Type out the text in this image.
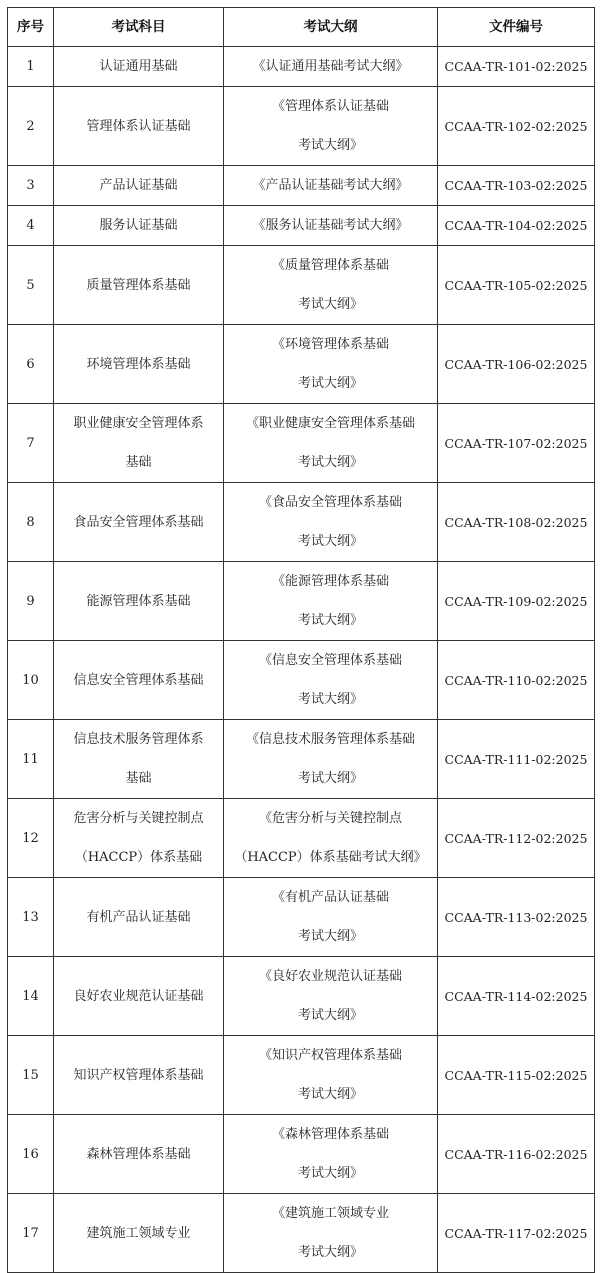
序号	考试科目	考试大纲	文件编号
1	认证通用基础	《认证通用基础考试大纲》	CCAA-TR-101-02:2025
2	管理体系认证基础	《管理体系认证基础
考试大纲》	CCAA-TR-102-02:2025
3	产品认证基础	《产品认证基础考试大纲》	CCAA-TR-103-02:2025
4	服务认证基础	《服务认证基础考试大纲》	CCAA-TR-104-02:2025
5	质量管理体系基础	《质量管理体系基础
考试大纲》	CCAA-TR-105-02:2025
6	环境管理体系基础	《环境管理体系基础
考试大纲》	CCAA-TR-106-02:2025
7	职业健康安全管理体系
基础	《职业健康安全管理体系基础
考试大纲》	CCAA-TR-107-02:2025
8	食品安全管理体系基础	《食品安全管理体系基础
考试大纲》	CCAA-TR-108-02:2025
9	能源管理体系基础	《能源管理体系基础
考试大纲》	CCAA-TR-109-02:2025
10	信息安全管理体系基础	《信息安全管理体系基础
考试大纲》	CCAA-TR-110-02:2025
11	信息技术服务管理体系
基础	《信息技术服务管理体系基础
考试大纲》	CCAA-TR-111-02:2025
12	危害分析与关键控制点
（HACCP）体系基础	《危害分析与关键控制点
（HACCP）体系基础考试大纲》	CCAA-TR-112-02:2025
13	有机产品认证基础	《有机产品认证基础
考试大纲》	CCAA-TR-113-02:2025
14	良好农业规范认证基础	《良好农业规范认证基础
考试大纲》	CCAA-TR-114-02:2025
15	知识产权管理体系基础	《知识产权管理体系基础
考试大纲》	CCAA-TR-115-02:2025
16	森林管理体系基础	《森林管理体系基础
考试大纲》	CCAA-TR-116-02:2025
17	建筑施工领域专业	《建筑施工领域专业
考试大纲》	CCAA-TR-117-02:2025
